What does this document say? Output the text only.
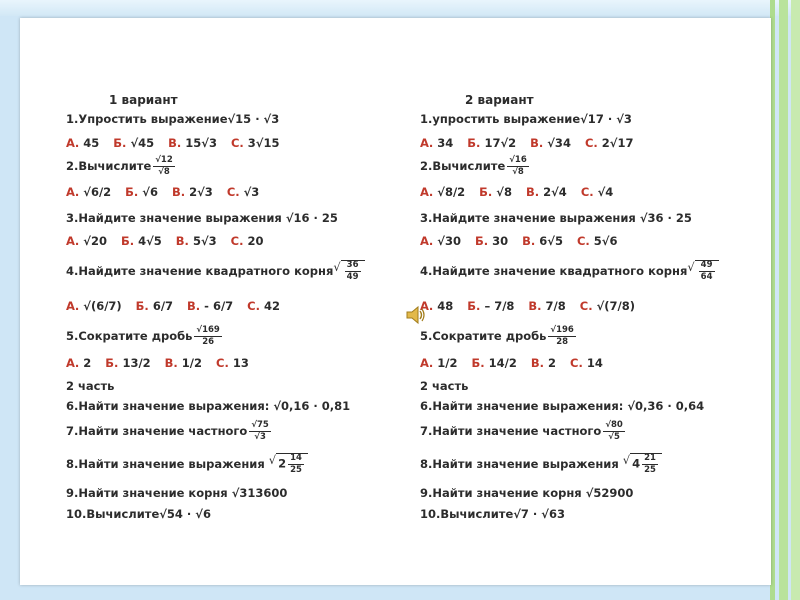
1 вариант
1.Упростить выражение√15 · √3
А. 45 Б. √45 В. 15√3 С. 3√15
2.Вычислите $\frac{√12}{√8}$
А. √6/2 Б. √6 В. 2√3 С. √3
3.Найдите значение выражения √16 · 25
А. √20 Б. 4√5 В. 5√3 С. 20
4.Найдите значение квадратного корня √ $\frac{36}{49}$
А. √(6/7) Б. 6/7 В. - 6/7 С. 42
5.Сократите дробь $\frac{√169}{26}$
А. 2 Б. 13/2 В. 1/2 С. 13
2 часть
6.Найти значение выражения: √0,16 · 0,81
7.Найти значение частного $\frac{√75}{√3}$
8.Найти значение выражения √ $2 \frac{14}{25}$
9.Найти значение корня √313600
10.Вычислите√54 · √6
2 вариант
1.упростить выражение√17 · √3
А. 34 Б. 17√2 В. √34 С. 2√17
2.Вычислите $\frac{√16}{√8}$
А. √8/2 Б. √8 В. 2√4 С. √4
3.Найдите значение выражения √36 · 25
А. √30 Б. 30 В. 6√5 С. 5√6
4.Найдите значение квадратного корня √ $\frac{49}{64}$
А. 48 Б. – 7/8 В. 7/8 С. √(7/8)
5.Сократите дробь $\frac{√196}{28}$
А. 1/2 Б. 14/2 В. 2 С. 14
2 часть
6.Найти значение выражения: √0,36 · 0,64
7.Найти значение частного $\frac{√80}{√5}$
8.Найти значение выражения √ $4 \frac{21}{25}$
9.Найти значение корня √52900
10.Вычислите√7 · √63
